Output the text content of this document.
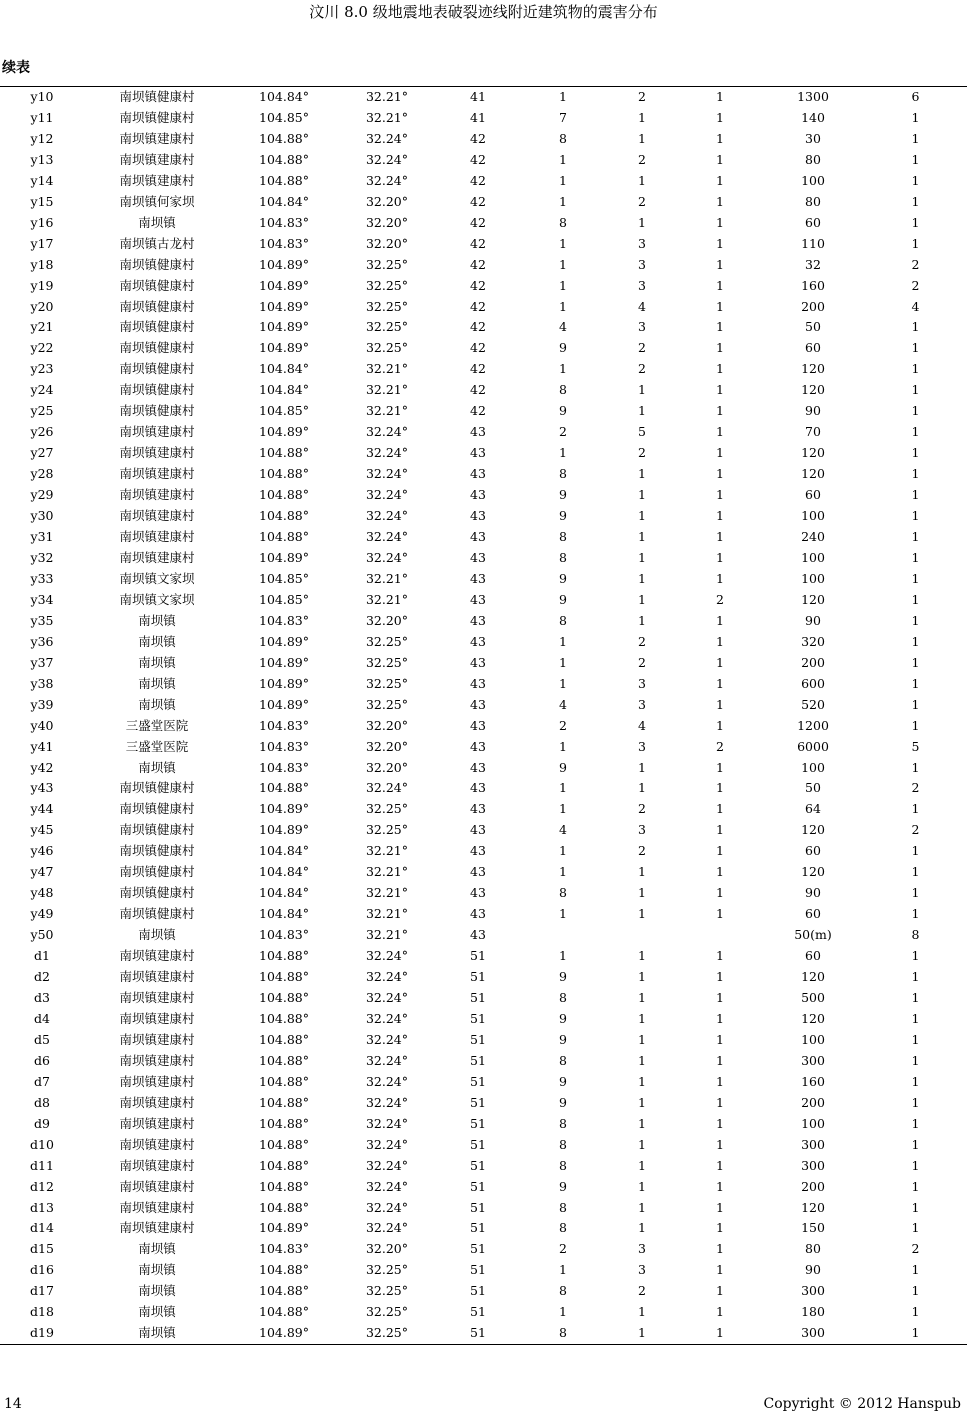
汶川 8.0 级地震地表破裂迹线附近建筑物的震害分布
续表
y10	南坝镇健康村	104.84°	32.21°	41	1	2	1	1300	6
y11	南坝镇健康村	104.85°	32.21°	41	7	1	1	140	1
y12	南坝镇建康村	104.88°	32.24°	42	8	1	1	30	1
y13	南坝镇建康村	104.88°	32.24°	42	1	2	1	80	1
y14	南坝镇建康村	104.88°	32.24°	42	1	1	1	100	1
y15	南坝镇何家坝	104.84°	32.20°	42	1	2	1	80	1
y16	南坝镇	104.83°	32.20°	42	8	1	1	60	1
y17	南坝镇古龙村	104.83°	32.20°	42	1	3	1	110	1
y18	南坝镇健康村	104.89°	32.25°	42	1	3	1	32	2
y19	南坝镇健康村	104.89°	32.25°	42	1	3	1	160	2
y20	南坝镇健康村	104.89°	32.25°	42	1	4	1	200	4
y21	南坝镇健康村	104.89°	32.25°	42	4	3	1	50	1
y22	南坝镇健康村	104.89°	32.25°	42	9	2	1	60	1
y23	南坝镇健康村	104.84°	32.21°	42	1	2	1	120	1
y24	南坝镇健康村	104.84°	32.21°	42	8	1	1	120	1
y25	南坝镇健康村	104.85°	32.21°	42	9	1	1	90	1
y26	南坝镇建康村	104.89°	32.24°	43	2	5	1	70	1
y27	南坝镇建康村	104.88°	32.24°	43	1	2	1	120	1
y28	南坝镇建康村	104.88°	32.24°	43	8	1	1	120	1
y29	南坝镇建康村	104.88°	32.24°	43	9	1	1	60	1
y30	南坝镇建康村	104.88°	32.24°	43	9	1	1	100	1
y31	南坝镇建康村	104.88°	32.24°	43	8	1	1	240	1
y32	南坝镇建康村	104.89°	32.24°	43	8	1	1	100	1
y33	南坝镇文家坝	104.85°	32.21°	43	9	1	1	100	1
y34	南坝镇文家坝	104.85°	32.21°	43	9	1	2	120	1
y35	南坝镇	104.83°	32.20°	43	8	1	1	90	1
y36	南坝镇	104.89°	32.25°	43	1	2	1	320	1
y37	南坝镇	104.89°	32.25°	43	1	2	1	200	1
y38	南坝镇	104.89°	32.25°	43	1	3	1	600	1
y39	南坝镇	104.89°	32.25°	43	4	3	1	520	1
y40	三盛堂医院	104.83°	32.20°	43	2	4	1	1200	1
y41	三盛堂医院	104.83°	32.20°	43	1	3	2	6000	5
y42	南坝镇	104.83°	32.20°	43	9	1	1	100	1
y43	南坝镇健康村	104.88°	32.24°	43	1	1	1	50	2
y44	南坝镇健康村	104.89°	32.25°	43	1	2	1	64	1
y45	南坝镇健康村	104.89°	32.25°	43	4	3	1	120	2
y46	南坝镇健康村	104.84°	32.21°	43	1	2	1	60	1
y47	南坝镇健康村	104.84°	32.21°	43	1	1	1	120	1
y48	南坝镇健康村	104.84°	32.21°	43	8	1	1	90	1
y49	南坝镇健康村	104.84°	32.21°	43	1	1	1	60	1
y50	南坝镇	104.83°	32.21°	43				50(m)	8
d1	南坝镇建康村	104.88°	32.24°	51	1	1	1	60	1
d2	南坝镇建康村	104.88°	32.24°	51	9	1	1	120	1
d3	南坝镇建康村	104.88°	32.24°	51	8	1	1	500	1
d4	南坝镇建康村	104.88°	32.24°	51	9	1	1	120	1
d5	南坝镇建康村	104.88°	32.24°	51	9	1	1	100	1
d6	南坝镇建康村	104.88°	32.24°	51	8	1	1	300	1
d7	南坝镇建康村	104.88°	32.24°	51	9	1	1	160	1
d8	南坝镇建康村	104.88°	32.24°	51	9	1	1	200	1
d9	南坝镇建康村	104.88°	32.24°	51	8	1	1	100	1
d10	南坝镇建康村	104.88°	32.24°	51	8	1	1	300	1
d11	南坝镇建康村	104.88°	32.24°	51	8	1	1	300	1
d12	南坝镇建康村	104.88°	32.24°	51	9	1	1	200	1
d13	南坝镇建康村	104.88°	32.24°	51	8	1	1	120	1
d14	南坝镇建康村	104.89°	32.24°	51	8	1	1	150	1
d15	南坝镇	104.83°	32.20°	51	2	3	1	80	2
d16	南坝镇	104.88°	32.25°	51	1	3	1	90	1
d17	南坝镇	104.88°	32.25°	51	8	2	1	300	1
d18	南坝镇	104.88°	32.25°	51	1	1	1	180	1
d19	南坝镇	104.89°	32.25°	51	8	1	1	300	1
14	Copyright © 2012 Hanspub
